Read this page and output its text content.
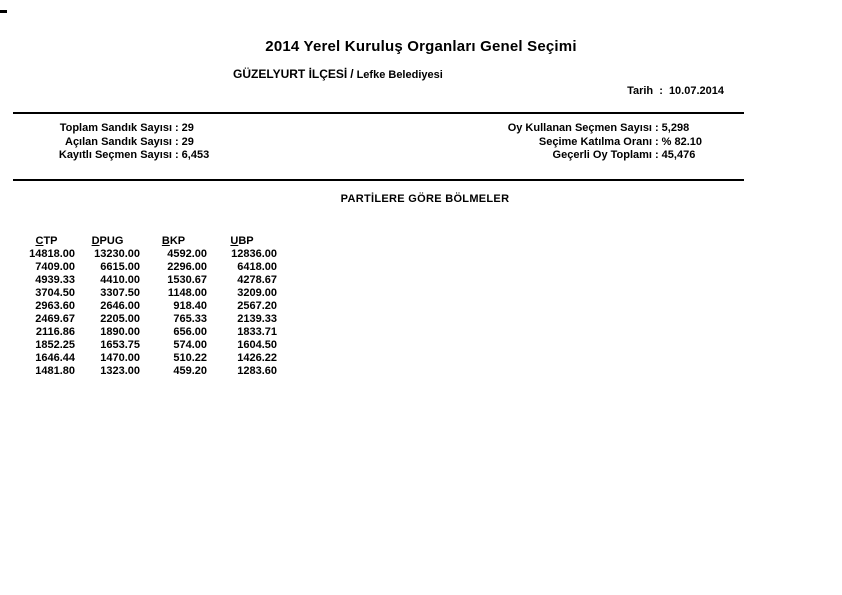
2014 Yerel Kuruluş Organları Genel Seçimi
GÜZELYURT İLÇESİ / Lefke Belediyesi
Tarih : 10.07.2014
Toplam Sandık Sayısı : 29
Açılan Sandık Sayısı : 29
Kayıtlı Seçmen Sayısı : 6,453
Oy Kullanan Seçmen Sayısı : 5,298
Seçime Katılma Oranı : % 82.10
Geçerli Oy Toplamı : 45,476
PARTİLERE GÖRE BÖLMELER
CTP	DPUG	BKP	UBP
14818.00	13230.00	4592.00	12836.00
7409.00	6615.00	2296.00	6418.00
4939.33	4410.00	1530.67	4278.67
3704.50	3307.50	1148.00	3209.00
2963.60	2646.00	918.40	2567.20
2469.67	2205.00	765.33	2139.33
2116.86	1890.00	656.00	1833.71
1852.25	1653.75	574.00	1604.50
1646.44	1470.00	510.22	1426.22
1481.80	1323.00	459.20	1283.60
